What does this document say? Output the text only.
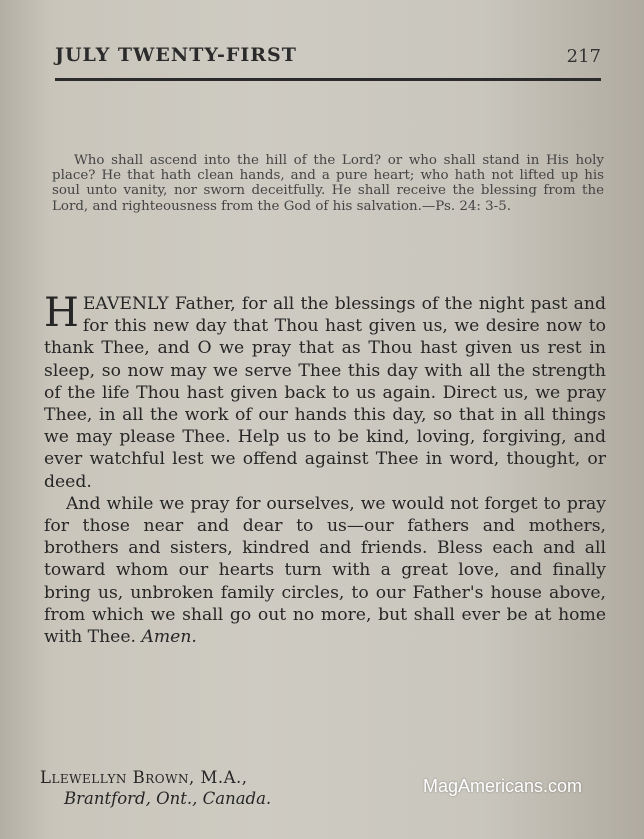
JULY TWENTY-FIRST	217
Who shall ascend into the hill of the Lord? or who shall stand in His holy place? He that hath clean hands, and a pure heart; who hath not lifted up his soul unto vanity, nor sworn deceitfully. He shall receive the blessing from the Lord, and righteousness from the God of his salvation.—Ps. 24: 3-5.

HEAVENLY Father, for all the blessings of the night past and for this new day that Thou hast given us, we desire now to thank Thee, and O we pray that as Thou hast given us rest in sleep, so now may we serve Thee this day with all the strength of the life Thou hast given back to us again. Direct us, we pray Thee, in all the work of our hands this day, so that in all things we may please Thee. Help us to be kind, loving, forgiving, and ever watchful lest we offend against Thee in word, thought, or deed.

And while we pray for ourselves, we would not forget to pray for those near and dear to us—our fathers and mothers, brothers and sisters, kindred and friends. Bless each and all toward whom our hearts turn with a great love, and finally bring us, unbroken family circles, to our Father's house above, from which we shall go out no more, but shall ever be at home with Thee. Amen.

Llewellyn Brown, M.A.,
Brantford, Ont., Canada.
MagAmericans.com
